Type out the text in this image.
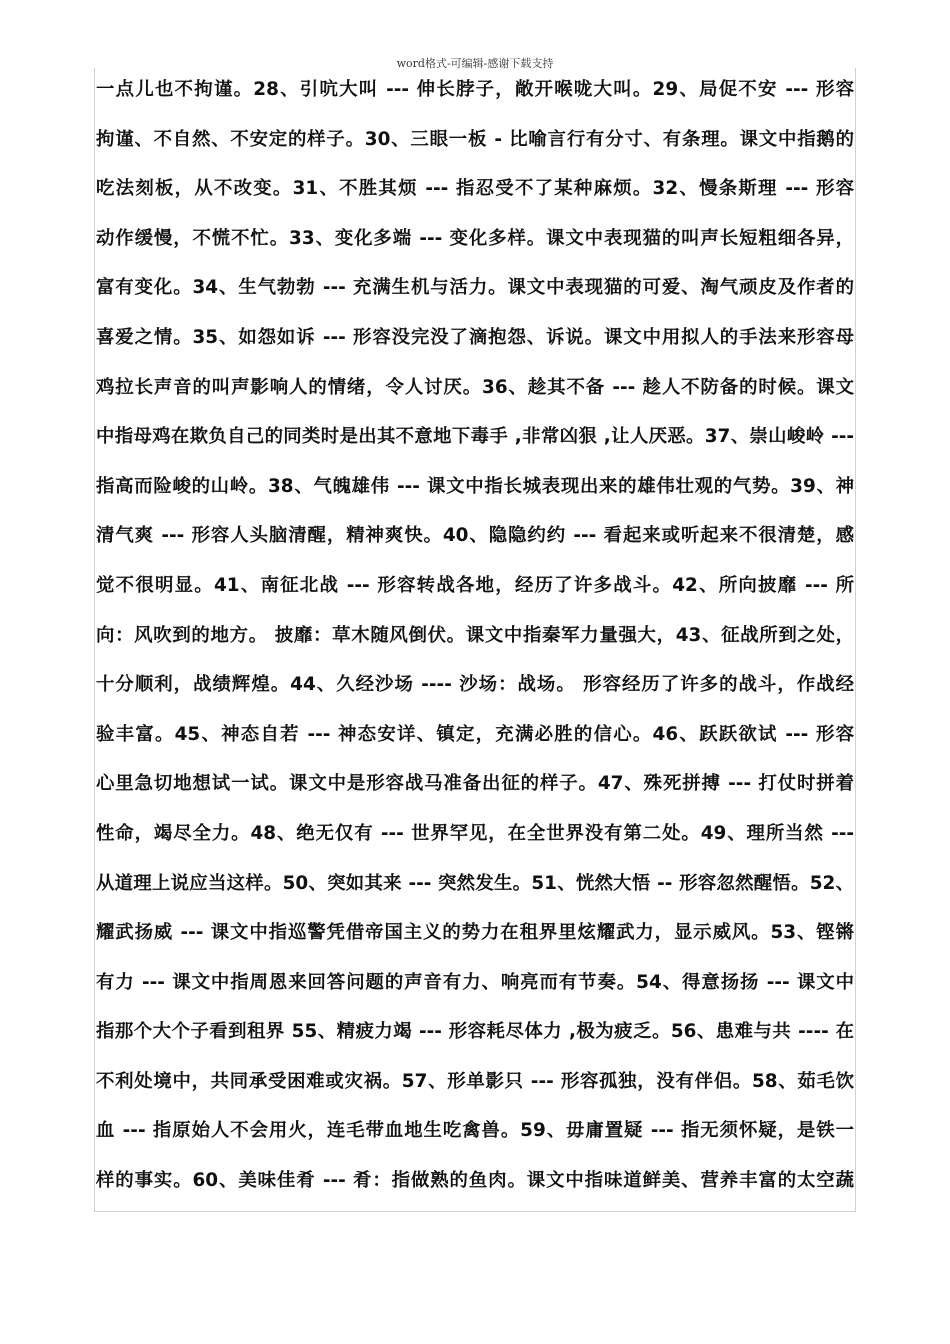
word格式-可编辑-感谢下载支持
一点儿也不拘谨。28、引吭大叫 --- 伸长脖子，敞开喉咙大叫。29、局促不安 --- 形容
拘谨、不自然、不安定的样子。30、三眼一板 - 比喻言行有分寸、有条理。课文中指鹅的
吃法刻板，从不改变。31、不胜其烦 --- 指忍受不了某种麻烦。32、慢条斯理 --- 形容
动作缓慢，不慌不忙。33、变化多端 --- 变化多样。课文中表现猫的叫声长短粗细各异，
富有变化。34、生气勃勃 --- 充满生机与活力。课文中表现猫的可爱、淘气顽皮及作者的
喜爱之情。35、如怨如诉 --- 形容没完没了滴抱怨、诉说。课文中用拟人的手法来形容母
鸡拉长声音的叫声影响人的情绪，令人讨厌。36、趁其不备 --- 趁人不防备的时候。课文
中指母鸡在欺负自己的同类时是出其不意地下毒手 ,非常凶狠 ,让人厌恶。37、崇山峻岭 ---
指高而险峻的山岭。38、气魄雄伟 --- 课文中指长城表现出来的雄伟壮观的气势。39、神
清气爽 --- 形容人头脑清醒，精神爽快。40、隐隐约约 --- 看起来或听起来不很清楚，感
觉不很明显。41、南征北战 --- 形容转战各地，经历了许多战斗。42、所向披靡 --- 所
向：风吹到的地方。 披靡：草木随风倒伏。课文中指秦军力量强大，43、征战所到之处，
十分顺利，战绩辉煌。44、久经沙场 ---- 沙场：战场。 形容经历了许多的战斗，作战经
验丰富。45、神态自若 --- 神态安详、镇定，充满必胜的信心。46、跃跃欲试 --- 形容
心里急切地想试一试。课文中是形容战马准备出征的样子。47、殊死拼搏 --- 打仗时拼着
性命，竭尽全力。48、绝无仅有 --- 世界罕见，在全世界没有第二处。49、理所当然 ---
从道理上说应当这样。50、突如其来 --- 突然发生。51、恍然大悟 -- 形容忽然醒悟。52、
耀武扬威 --- 课文中指巡警凭借帝国主义的势力在租界里炫耀武力，显示威风。53、铿锵
有力 --- 课文中指周恩来回答问题的声音有力、响亮而有节奏。54、得意扬扬 --- 课文中
指那个大个子看到租界 55、精疲力竭 --- 形容耗尽体力 ,极为疲乏。56、患难与共 ---- 在
不利处境中，共同承受困难或灾祸。57、形单影只 --- 形容孤独，没有伴侣。58、茹毛饮
血 --- 指原始人不会用火，连毛带血地生吃禽兽。59、毋庸置疑 --- 指无须怀疑，是铁一
样的事实。60、美味佳肴 --- 肴：指做熟的鱼肉。课文中指味道鲜美、营养丰富的太空蔬
